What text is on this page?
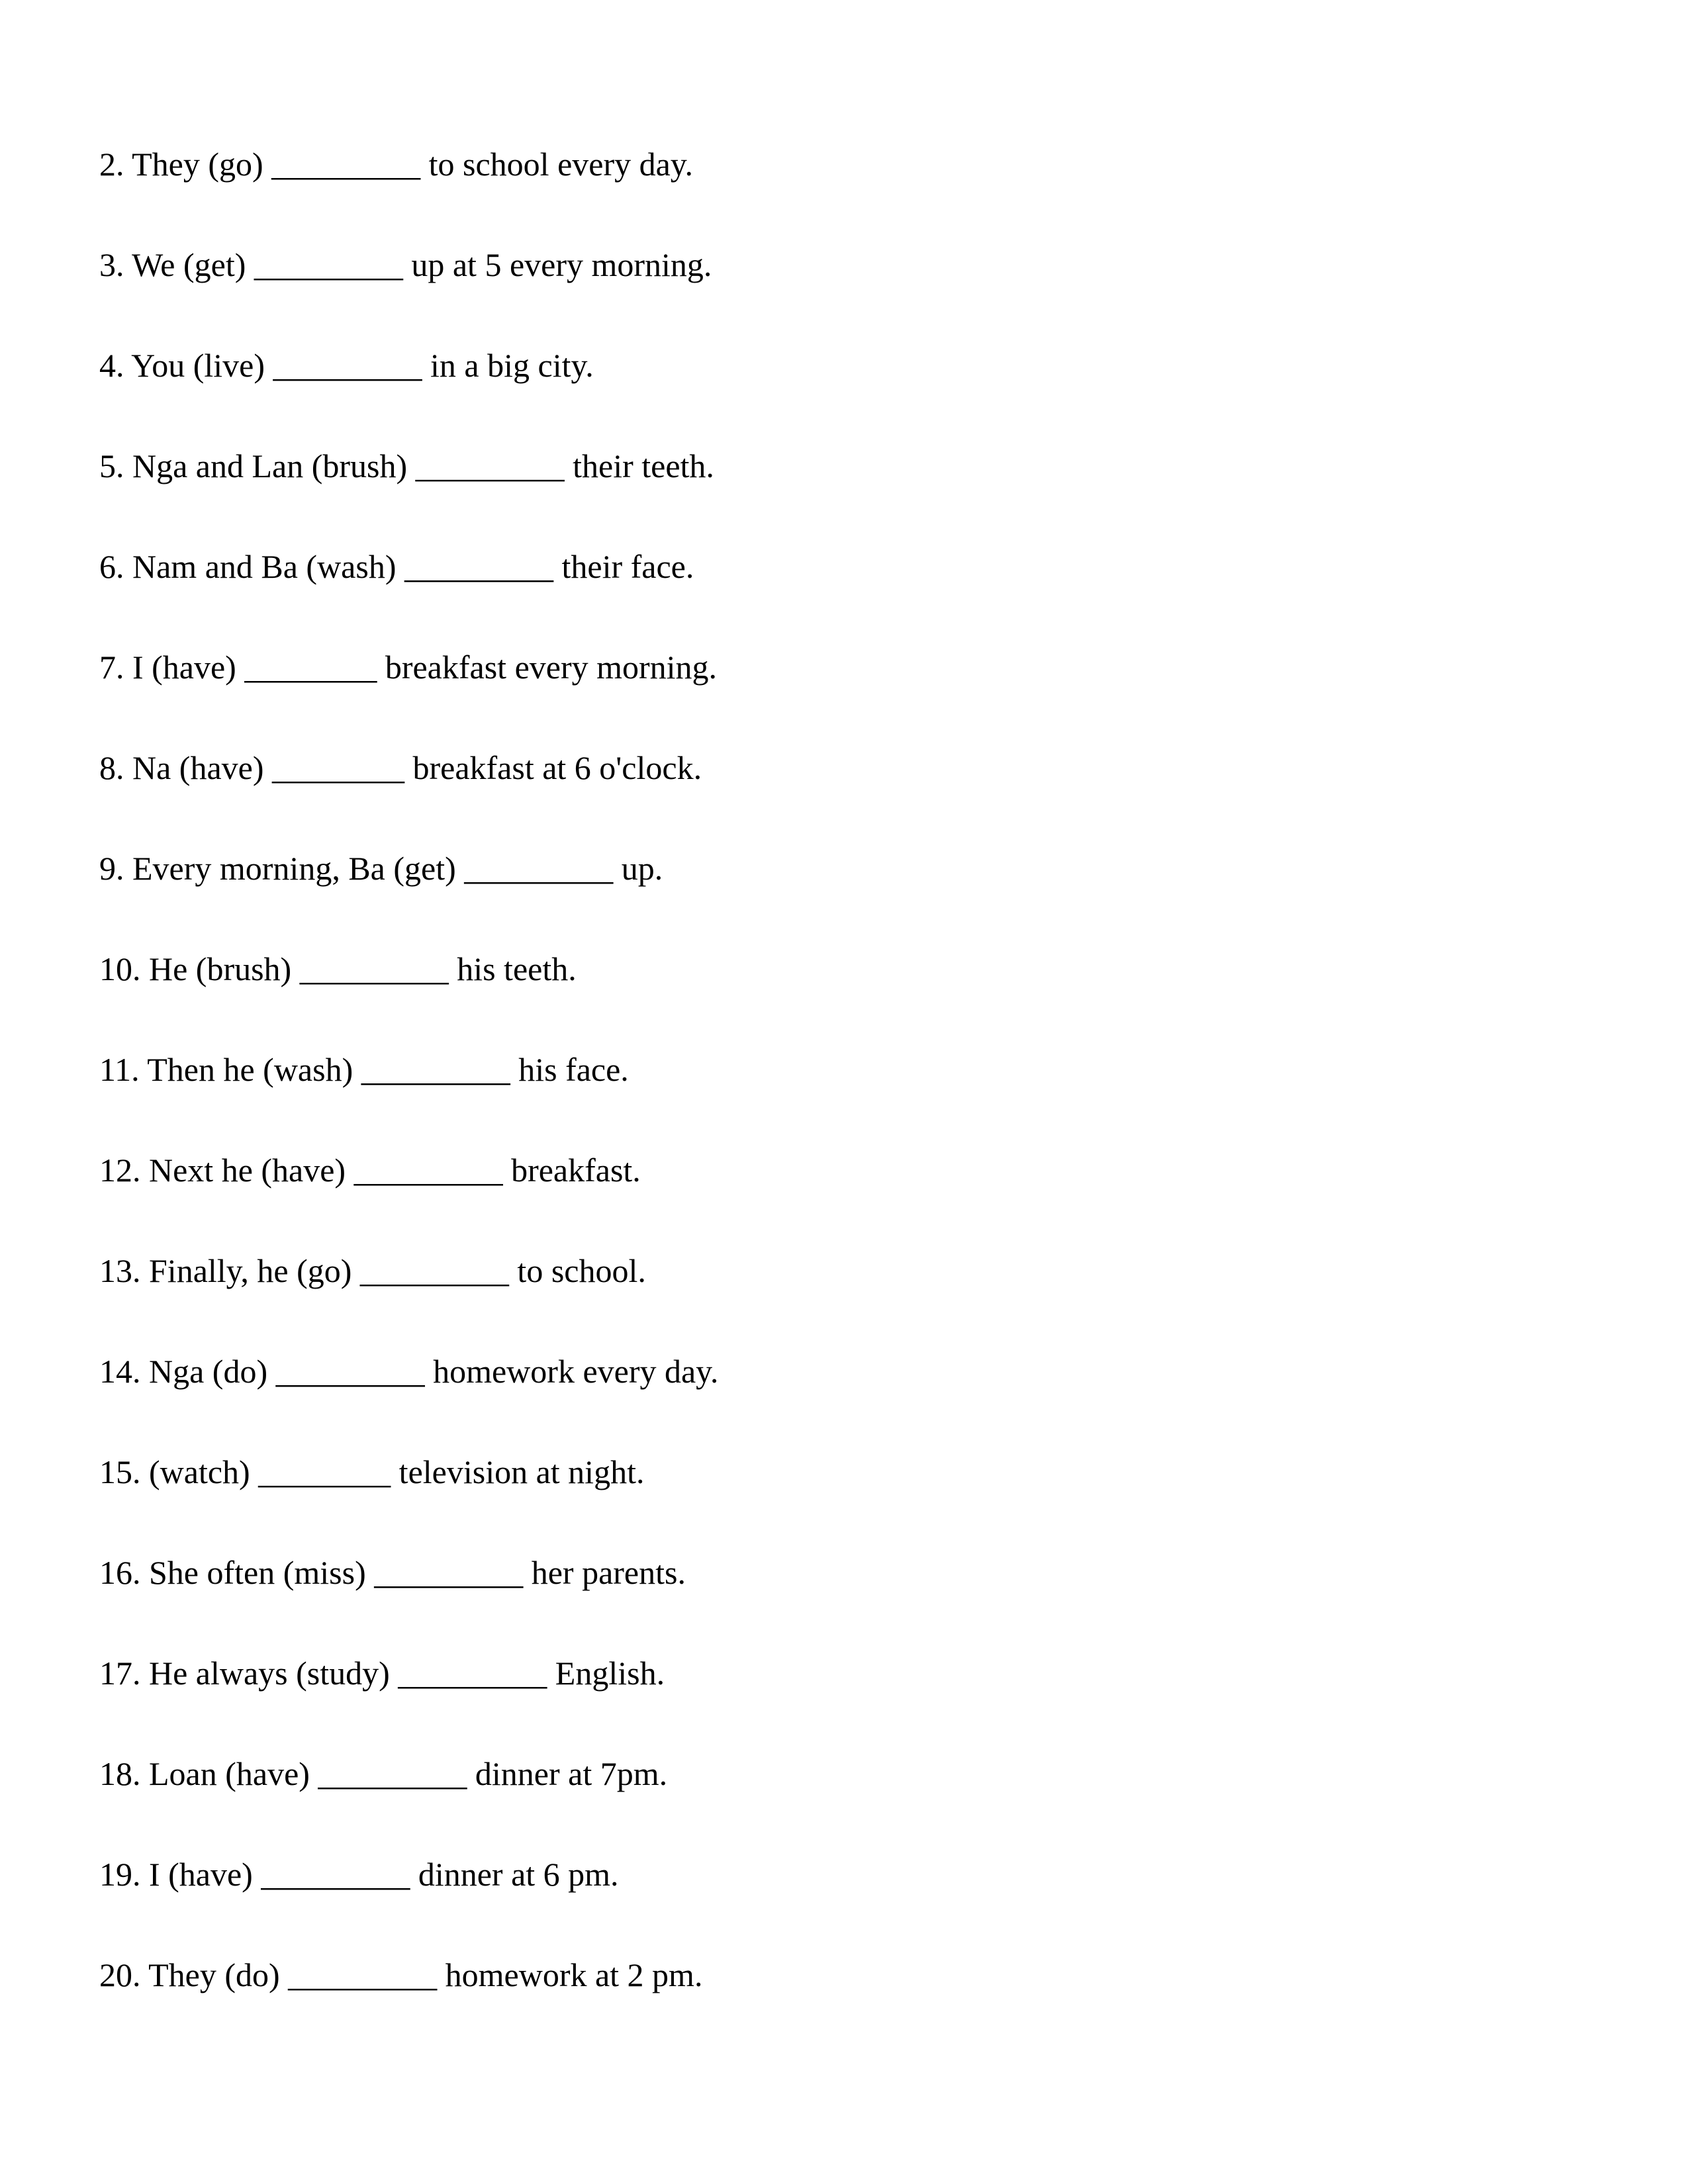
2. They (go) _________ to school every day.
3. We (get) _________ up at 5 every morning.
4. You (live) _________ in a big city.
5. Nga and Lan (brush) _________ their teeth.
6. Nam and Ba (wash) _________ their face.
7. I (have) ________ breakfast every morning.
8. Na (have) ________ breakfast at 6 o'clock.
9. Every morning, Ba (get) _________ up.
10. He (brush) _________ his teeth.
11. Then he (wash) _________ his face.
12. Next he (have) _________ breakfast.
13. Finally, he (go) _________ to school.
14. Nga (do) _________ homework every day.
15. (watch) ________ television at night.
16. She often (miss) _________ her parents.
17. He always (study) _________ English.
18. Loan (have) _________ dinner at 7pm.
19. I (have) _________ dinner at 6 pm.
20. They (do) _________ homework at 2 pm.
